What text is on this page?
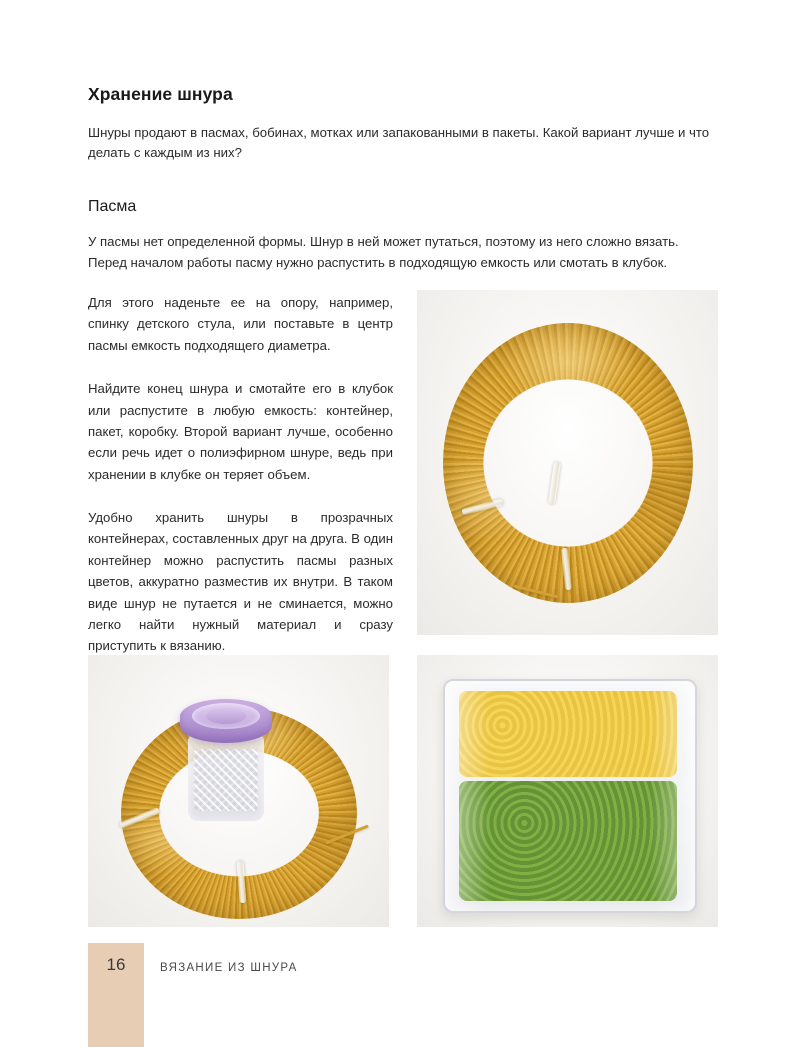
Хранение шнура

Шнуры продают в пасмах, бобинах, мотках или запакованными в пакеты. Какой вариант лучше и что делать с каждым из них?

Пасма

У пасмы нет определенной формы. Шнур в ней может путаться, поэтому из него сложно вязать. Перед началом работы пасму нужно распустить в подходящую емкость или смотать в клубок.

Для этого наденьте ее на опору, например, спинку детского стула, или поставьте в центр пасмы емкость подходящего диаметра.

Найдите конец шнура и смотайте его в клубок или распустите в любую емкость: контейнер, пакет, коробку. Второй вариант лучше, особенно если речь идет о полиэфирном шнуре, ведь при хранении в клубке он теряет объем.

Удобно хранить шнуры в прозрачных контейнерах, составленных друг на друга. В один контейнер можно распустить пасмы разных цветов, аккуратно разместив их внутри. В таком виде шнур не путается и не сминается, можно легко найти нужный материал и сразу приступить к вязанию.

16	ВЯЗАНИЕ ИЗ ШНУРА
